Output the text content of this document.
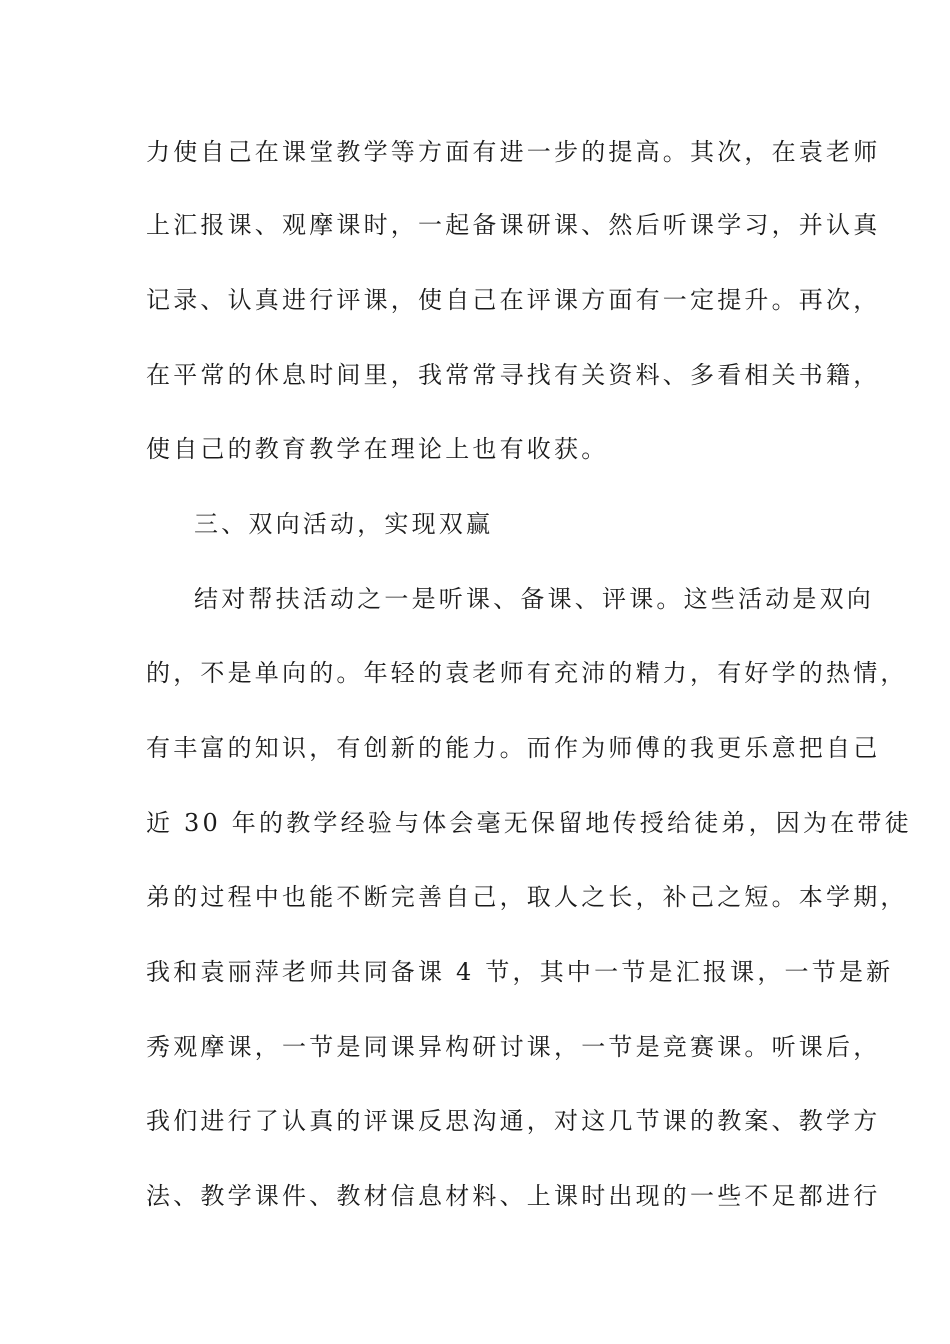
力使自己在课堂教学等方面有进一步的提高。其次，在袁老师

上汇报课、观摩课时，一起备课研课、然后听课学习，并认真

记录、认真进行评课，使自己在评课方面有一定提升。再次，

在平常的休息时间里，我常常寻找有关资料、多看相关书籍，

使自己的教育教学在理论上也有收获。

三、双向活动，实现双赢

结对帮扶活动之一是听课、备课、评课。这些活动是双向

的，不是单向的。年轻的袁老师有充沛的精力，有好学的热情，

有丰富的知识，有创新的能力。而作为师傅的我更乐意把自己

近 30 年的教学经验与体会毫无保留地传授给徒弟，因为在带徒

弟的过程中也能不断完善自己，取人之长，补己之短。本学期，

我和袁丽萍老师共同备课 4 节，其中一节是汇报课，一节是新

秀观摩课，一节是同课异构研讨课，一节是竞赛课。听课后，

我们进行了认真的评课反思沟通，对这几节课的教案、教学方

法、教学课件、教材信息材料、上课时出现的一些不足都进行
